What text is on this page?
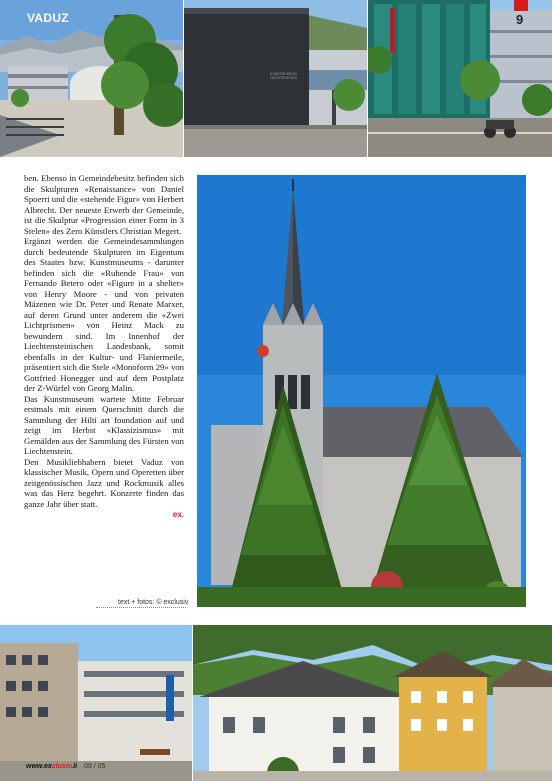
KUNSTMUSEUM LIECHTENSTEIN
VADUZ	9

ben. Ebenso in Gemeindebesitz befinden sich die Skulpturen «Renaissance» von Daniel Spoerri und die «stehende Figur» von Herbert Albrecht. Der neueste Erwerb der Gemeinde, ist die Skulptur «Progression einer Form in 3 Stelen» des Zero Künstlers Christian Megert.

Ergänzt werden die Gemeindesammlungen durch bedeutende Skulpturen im Eigentum des Staates bzw. Kunstmuseums - darunter befinden sich die «Ruhende Frau» von Fernando Betero oder «Figure in a shelter» von Henry Moore - und von privaten Mäzenen wie Dr. Peter und Renate Marxer, auf deren Grund unter anderem die «Zwei Lichtprismen» von Heinz Mack zu bewundern sind. Im Innenhof der Liechtensteinischen Landesbank, somit ebenfalls in der Kultur- und Flaniermeile, präsentiert sich die Stele «Monoform 29» von Gottfried Honegger und auf dem Postplatz der Z-Würfel von Georg Malin.

Das Kunstmuseum wartete Mitte Februar erstmals mit einem Querschnitt durch die Sammlung der Hilti art foundation auf und zeigt im Herbst «Klassizismus» mit Gemälden aus der Sammlung des Fürsten von Liechtenstein.

Den Musikliebhabern bietet Vaduz von klassischer Musik, Opern und Operetten über zeitgenössischen Jazz und Rockmusik alles was das Herz begehrt. Konzerte finden das ganze Jahr über statt.

ex.

text + fotos: © exclusiv
www.exclusiv.li 09 / 05
